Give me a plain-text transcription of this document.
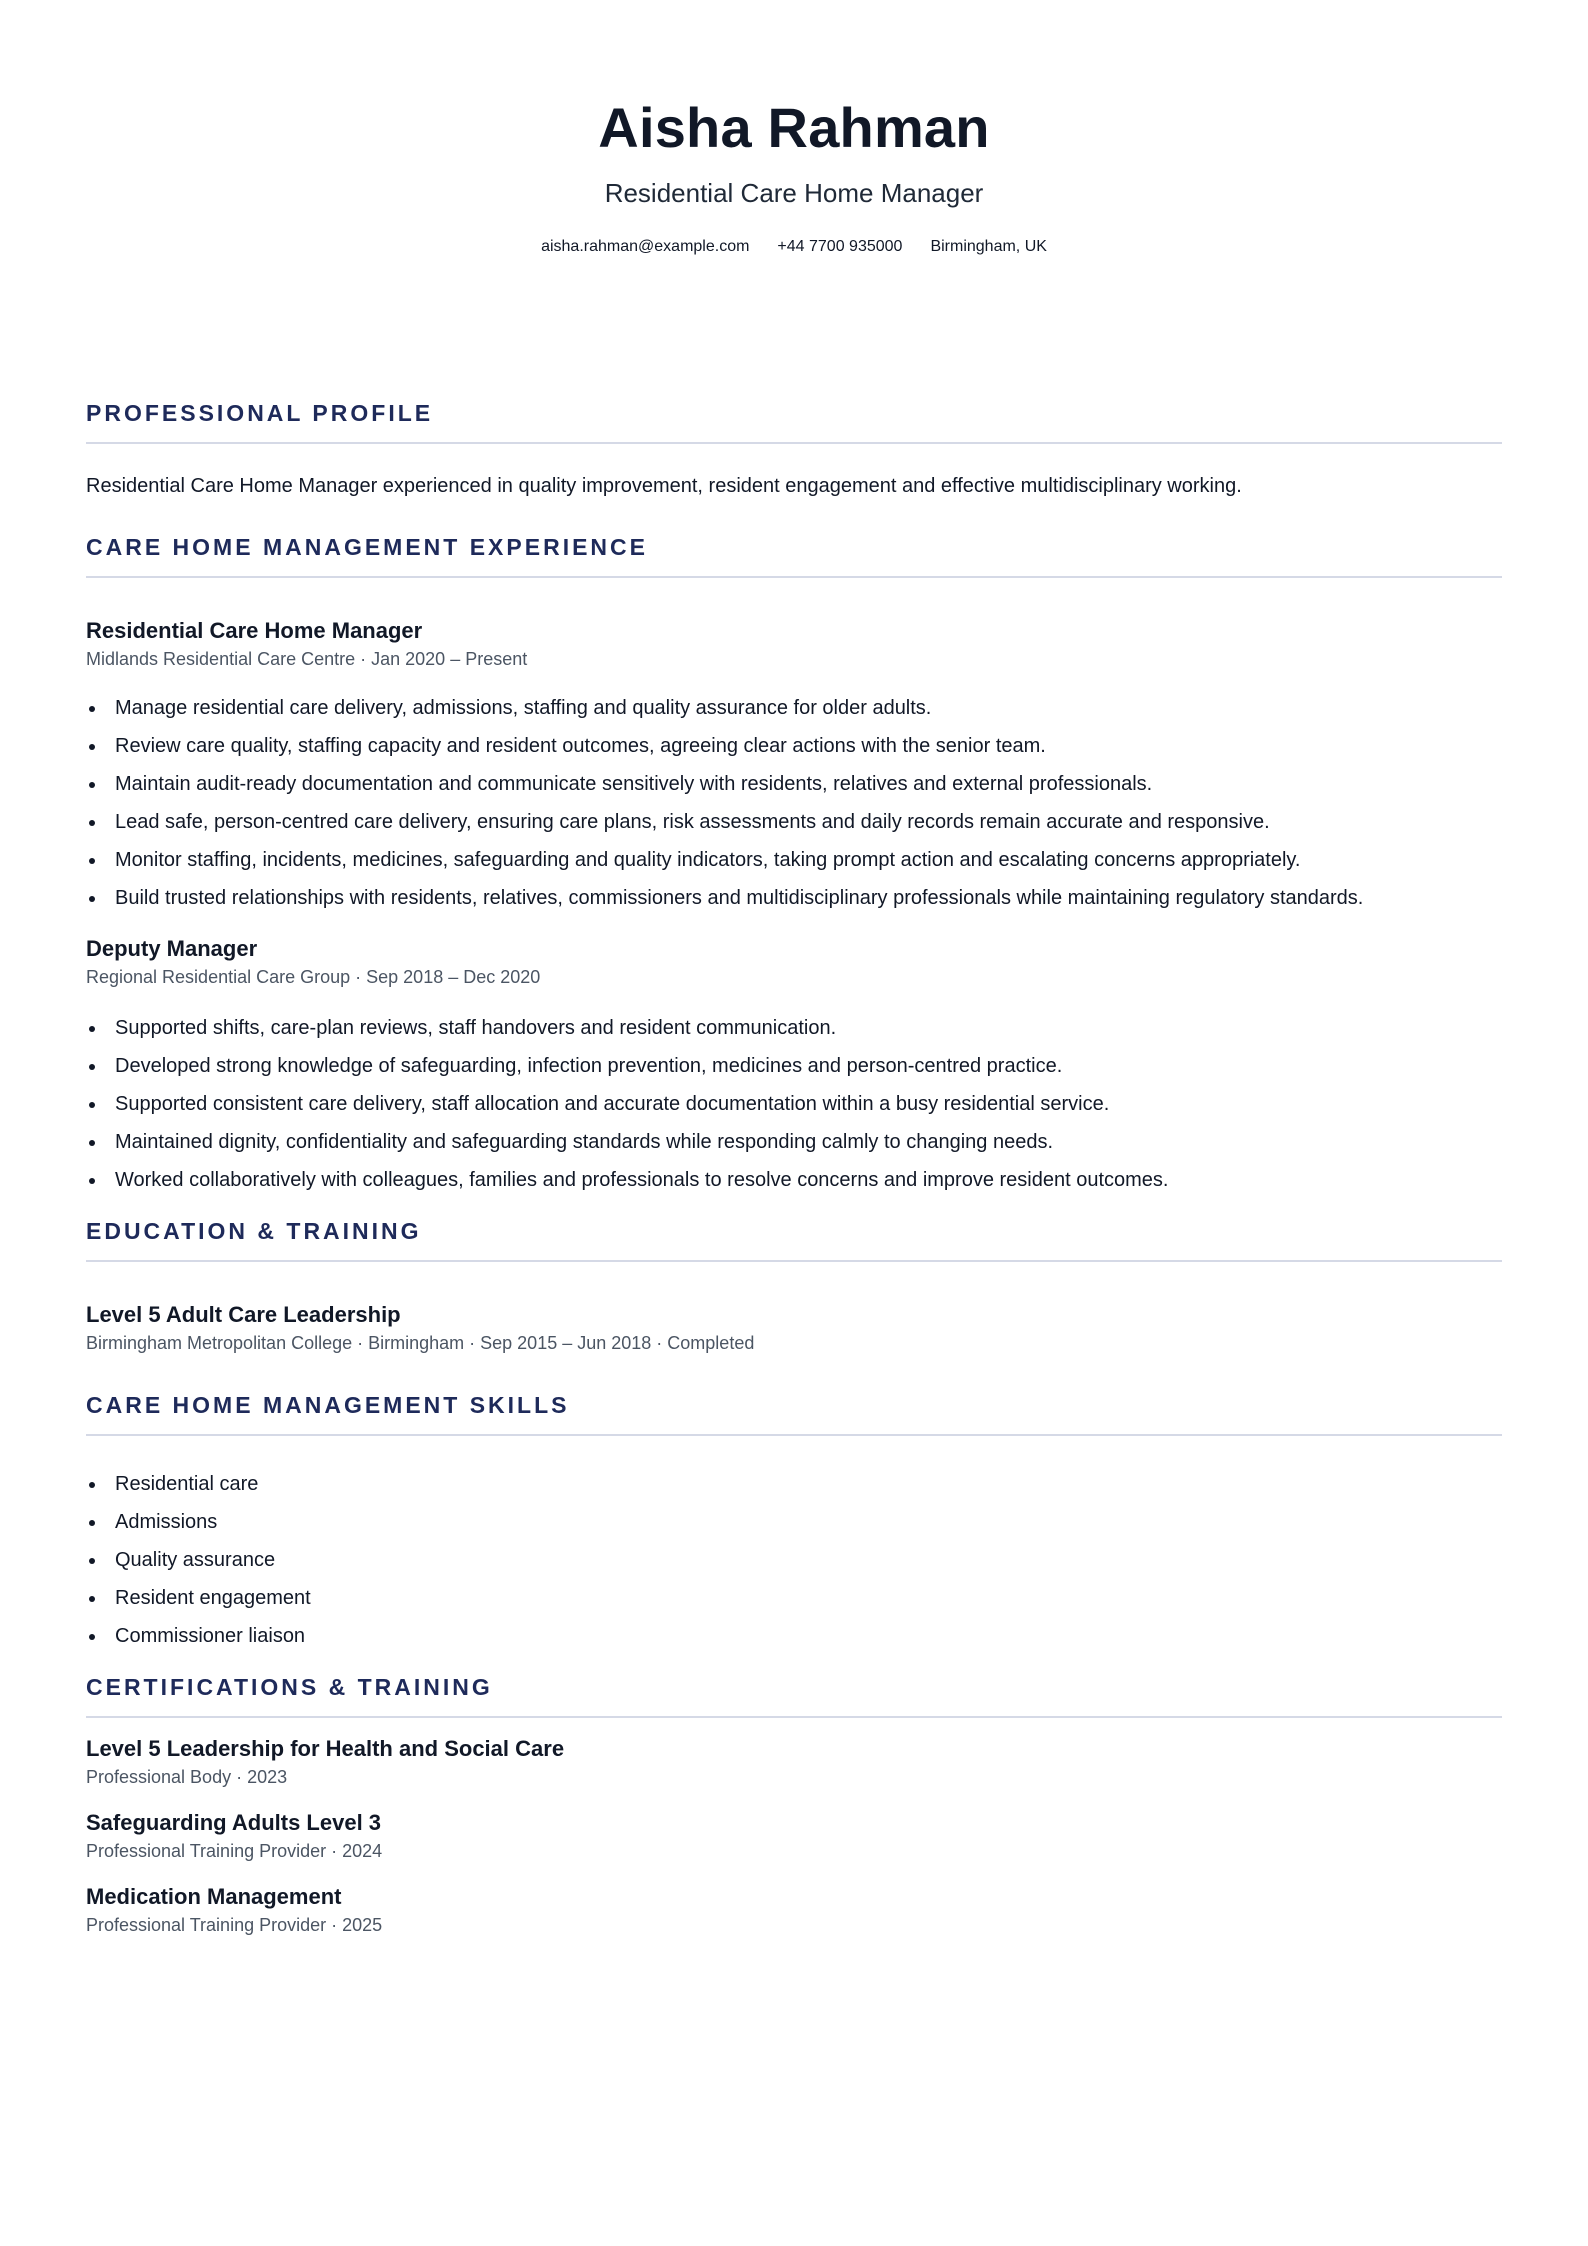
Aisha Rahman
Residential Care Home Manager
aisha.rahman@example.com +44 7700 935000 Birmingham, UK
PROFESSIONAL PROFILE
Residential Care Home Manager experienced in quality improvement, resident engagement and effective multidisciplinary working.
CARE HOME MANAGEMENT EXPERIENCE
Residential Care Home Manager
Midlands Residential Care Centre · Jan 2020 – Present
Manage residential care delivery, admissions, staffing and quality assurance for older adults.
Review care quality, staffing capacity and resident outcomes, agreeing clear actions with the senior team.
Maintain audit-ready documentation and communicate sensitively with residents, relatives and external professionals.
Lead safe, person-centred care delivery, ensuring care plans, risk assessments and daily records remain accurate and responsive.
Monitor staffing, incidents, medicines, safeguarding and quality indicators, taking prompt action and escalating concerns appropriately.
Build trusted relationships with residents, relatives, commissioners and multidisciplinary professionals while maintaining regulatory standards.
Deputy Manager
Regional Residential Care Group · Sep 2018 – Dec 2020
Supported shifts, care-plan reviews, staff handovers and resident communication.
Developed strong knowledge of safeguarding, infection prevention, medicines and person-centred practice.
Supported consistent care delivery, staff allocation and accurate documentation within a busy residential service.
Maintained dignity, confidentiality and safeguarding standards while responding calmly to changing needs.
Worked collaboratively with colleagues, families and professionals to resolve concerns and improve resident outcomes.
EDUCATION & TRAINING
Level 5 Adult Care Leadership
Birmingham Metropolitan College · Birmingham · Sep 2015 – Jun 2018 · Completed
CARE HOME MANAGEMENT SKILLS
Residential care
Admissions
Quality assurance
Resident engagement
Commissioner liaison
CERTIFICATIONS & TRAINING
Level 5 Leadership for Health and Social Care
Professional Body · 2023
Safeguarding Adults Level 3
Professional Training Provider · 2024
Medication Management
Professional Training Provider · 2025
